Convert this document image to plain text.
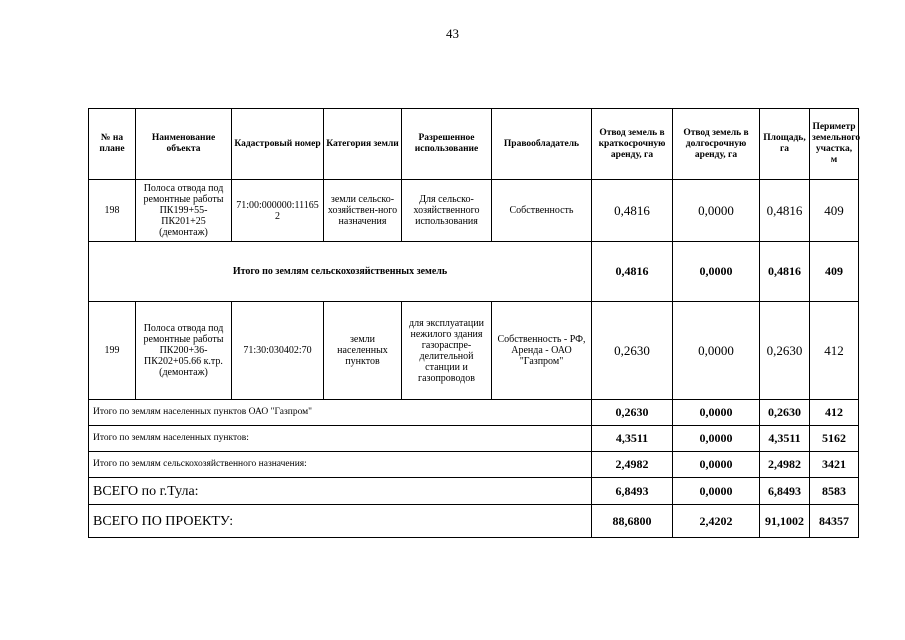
43
№ на плане	Наименование объекта	Кадастровый номер	Категория земли	Разрешенное использование	Правообладатель	Отвод земель в краткосрочную аренду, га	Отвод земель в долгосрочную аренду, га	Площадь, га	Периметр земельного участка, м
198	Полоса отвода под ремонтные работы ПК199+55-ПК201+25 (демонтаж)	71:00:000000:111652	земли сельско-хозяйствен-ного назначения	Для сельско-хозяйственного использования	Собственность	0,4816	0,0000	0,4816	409
Итого по землям сельскохозяйственных земель						0,4816	0,0000	0,4816	409
199	Полоса отвода под ремонтные работы ПК200+36-ПК202+05.66 к.тр. (демонтаж)	71:30:030402:70	земли населенных пунктов	для эксплуатации нежилого здания газораспре-делительной станции и газопроводов	Собственность - РФ, Аренда - ОАО "Газпром"	0,2630	0,0000	0,2630	412
Итого по землям населенных пунктов ОАО "Газпром"						0,2630	0,0000	0,2630	412
Итого по землям населенных пунктов:						4,3511	0,0000	4,3511	5162
Итого по землям сельскохозяйственного назначения:						2,4982	0,0000	2,4982	3421
ВСЕГО по г.Тула:						6,8493	0,0000	6,8493	8583
ВСЕГО ПО ПРОЕКТУ:						88,6800	2,4202	91,1002	84357
